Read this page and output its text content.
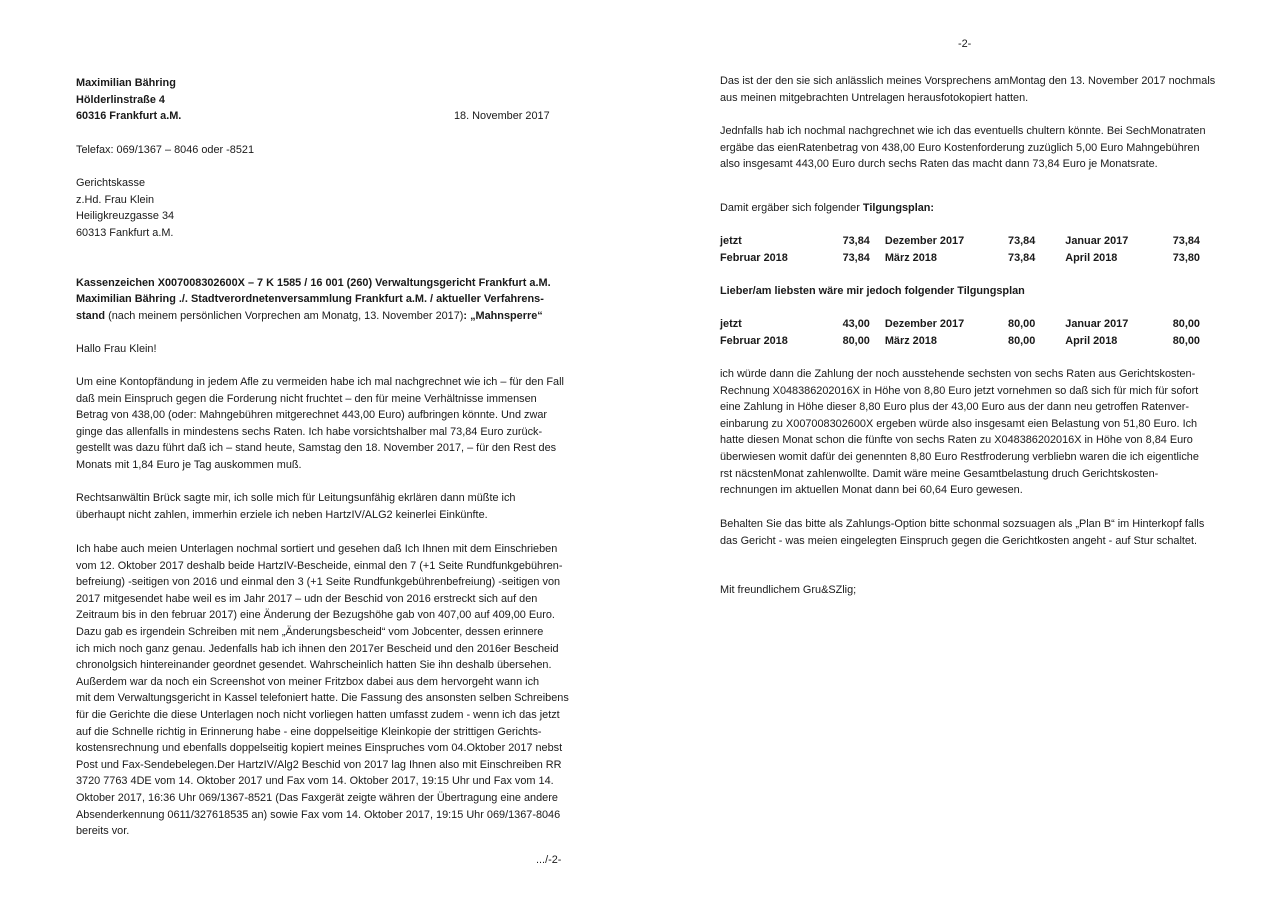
Maximilian Bähring
Hölderlinstraße 4
60316 Frankfurt a.M.	18. November 2017
Telefax: 069/1367 – 8046 oder -8521
Gerichtskasse
z.Hd. Frau Klein
Heiligkreuzgasse 34
60313 Fankfurt a.M.
Kassenzeichen X007008302600X – 7 K 1585 / 16 001 (260) Verwaltungsgericht Frankfurt a.M.
Maximilian Bähring ./. Stadtverordnetenversammlung Frankfurt a.M. / aktueller Verfahrens-
stand (nach meinem persönlichen Vorprechen am Monatg, 13. November 2017): „Mahnsperre“
Hallo Frau Klein!
Um eine Kontopfändung in jedem Afle zu vermeiden habe ich mal nachgrechnet wie ich – für den Fall
daß mein Einspruch gegen die Forderung nicht fruchtet – den für meine Verhältnisse immensen
Betrag von 438,00 (oder: Mahngebühren mitgerechnet 443,00 Euro) aufbringen könnte. Und zwar
ginge das allenfalls in mindestens sechs Raten. Ich habe vorsichtshalber mal 73,84 Euro zurück-
gestellt was dazu führt daß ich – stand heute, Samstag den 18. November 2017, – für den Rest des
Monats mit 1,84 Euro je Tag auskommen muß.
Rechtsanwältin Brück sagte mir, ich solle mich für Leitungsunfähig ekrlären dann müßte ich
überhaupt nicht zahlen, immerhin erziele ich neben HartzIV/ALG2 keinerlei Einkünfte.
Ich habe auch meien Unterlagen nochmal sortiert und gesehen daß Ich Ihnen mit dem Einschrieben
vom 12. Oktober 2017 deshalb beide HartzIV-Bescheide, einmal den 7 (+1 Seite Rundfunkgebühren-
befreiung) -seitigen von 2016 und einmal den 3 (+1 Seite Rundfunkgebührenbefreiung) -seitigen von
2017 mitgesendet habe weil es im Jahr 2017 – udn der Beschid von 2016 erstreckt sich auf den
Zeitraum bis in den februar 2017) eine Änderung der Bezugshöhe gab von 407,00 auf 409,00 Euro.
Dazu gab es irgendein Schreiben mit nem „Änderungsbescheid“ vom Jobcenter, dessen erinnere
ich mich noch ganz genau. Jedenfalls hab ich ihnen den 2017er Bescheid und den 2016er Bescheid
chronolgsich hintereinander geordnet gesendet. Wahrscheinlich hatten Sie ihn deshalb übersehen.
Außerdem war da noch ein Screenshot von meiner Fritzbox dabei aus dem hervorgeht wann ich
mit dem Verwaltungsgericht in Kassel telefoniert hatte. Die Fassung des ansonsten selben Schreibens
für die Gerichte die diese Unterlagen noch nicht vorliegen hatten umfasst zudem - wenn ich das jetzt
auf die Schnelle richtig in Erinnerung habe - eine doppelseitige Kleinkopie der strittigen Gerichts-
kostensrechnung und ebenfalls doppelseitig kopiert meines Einspruches vom 04.Oktober 2017 nebst
Post und Fax-Sendebelegen.Der HartzIV/Alg2 Beschid von 2017 lag Ihnen also mit Einschreiben RR
3720 7763 4DE vom 14. Oktober 2017 und Fax vom 14. Oktober 2017, 19:15 Uhr und Fax vom 14.
Oktober 2017, 16:36 Uhr 069/1367-8521 (Das Faxgerät zeigte währen der Übertragung eine andere
Absenderkennung 0611/327618535 an) sowie Fax vom 14. Oktober 2017, 19:15 Uhr 069/1367-8046
bereits vor.
.../-2-
-2-
Das ist der den sie sich anlässlich meines Vorsprechens amMontag den 13. November 2017 nochmals
aus meinen mitgebrachten Untrelagen herausfotokopiert hatten.
Jednfalls hab ich nochmal nachgrechnet wie ich das eventuells chultern könnte. Bei SechMonatraten
ergäbe das eienRatenbetrag von 438,00 Euro Kostenforderung zuzüglich 5,00 Euro Mahngebühren
also insgesamt 443,00 Euro durch sechs Raten das macht dann 73,84 Euro je Monatsrate.
Damit ergäber sich folgender Tilgungsplan:
jetzt	73,84	Dezember 2017	73,84	Januar 2017	73,84
Februar 2018	73,84	März 2018	73,84	April 2018	73,80
Lieber/am liebsten wäre mir jedoch folgender Tilgungsplan
jetzt	43,00	Dezember 2017	80,00	Januar 2017	80,00
Februar 2018	80,00	März 2018	80,00	April 2018	80,00
ich würde dann die Zahlung der noch ausstehende sechsten von sechs Raten aus Gerichtskosten-
Rechnung X048386202016X in Höhe von 8,80 Euro jetzt vornehmen so daß sich für mich für sofort
eine Zahlung in Höhe dieser 8,80 Euro plus der 43,00 Euro aus der dann neu getroffen Ratenver-
einbarung zu X007008302600X ergeben würde also insgesamt eien Belastung von 51,80 Euro. Ich
hatte diesen Monat schon die fünfte von sechs Raten zu X048386202016X in Höhe von 8,84 Euro
überwiesen womit dafür dei genennten 8,80 Euro Restfroderung verbliebn waren die ich eigentliche
rst näcstenMonat zahlenwollte. Damit wäre meine Gesamtbelastung druch Gerichtskosten-
rechnungen im aktuellen Monat dann bei 60,64 Euro gewesen.
Behalten Sie das bitte als Zahlungs-Option bitte schonmal sozsuagen als „Plan B“ im Hinterkopf falls
das Gericht - was meien eingelegten Einspruch gegen die Gerichtkosten angeht - auf Stur schaltet.
Mit freundlichem Gru&SZlig;
